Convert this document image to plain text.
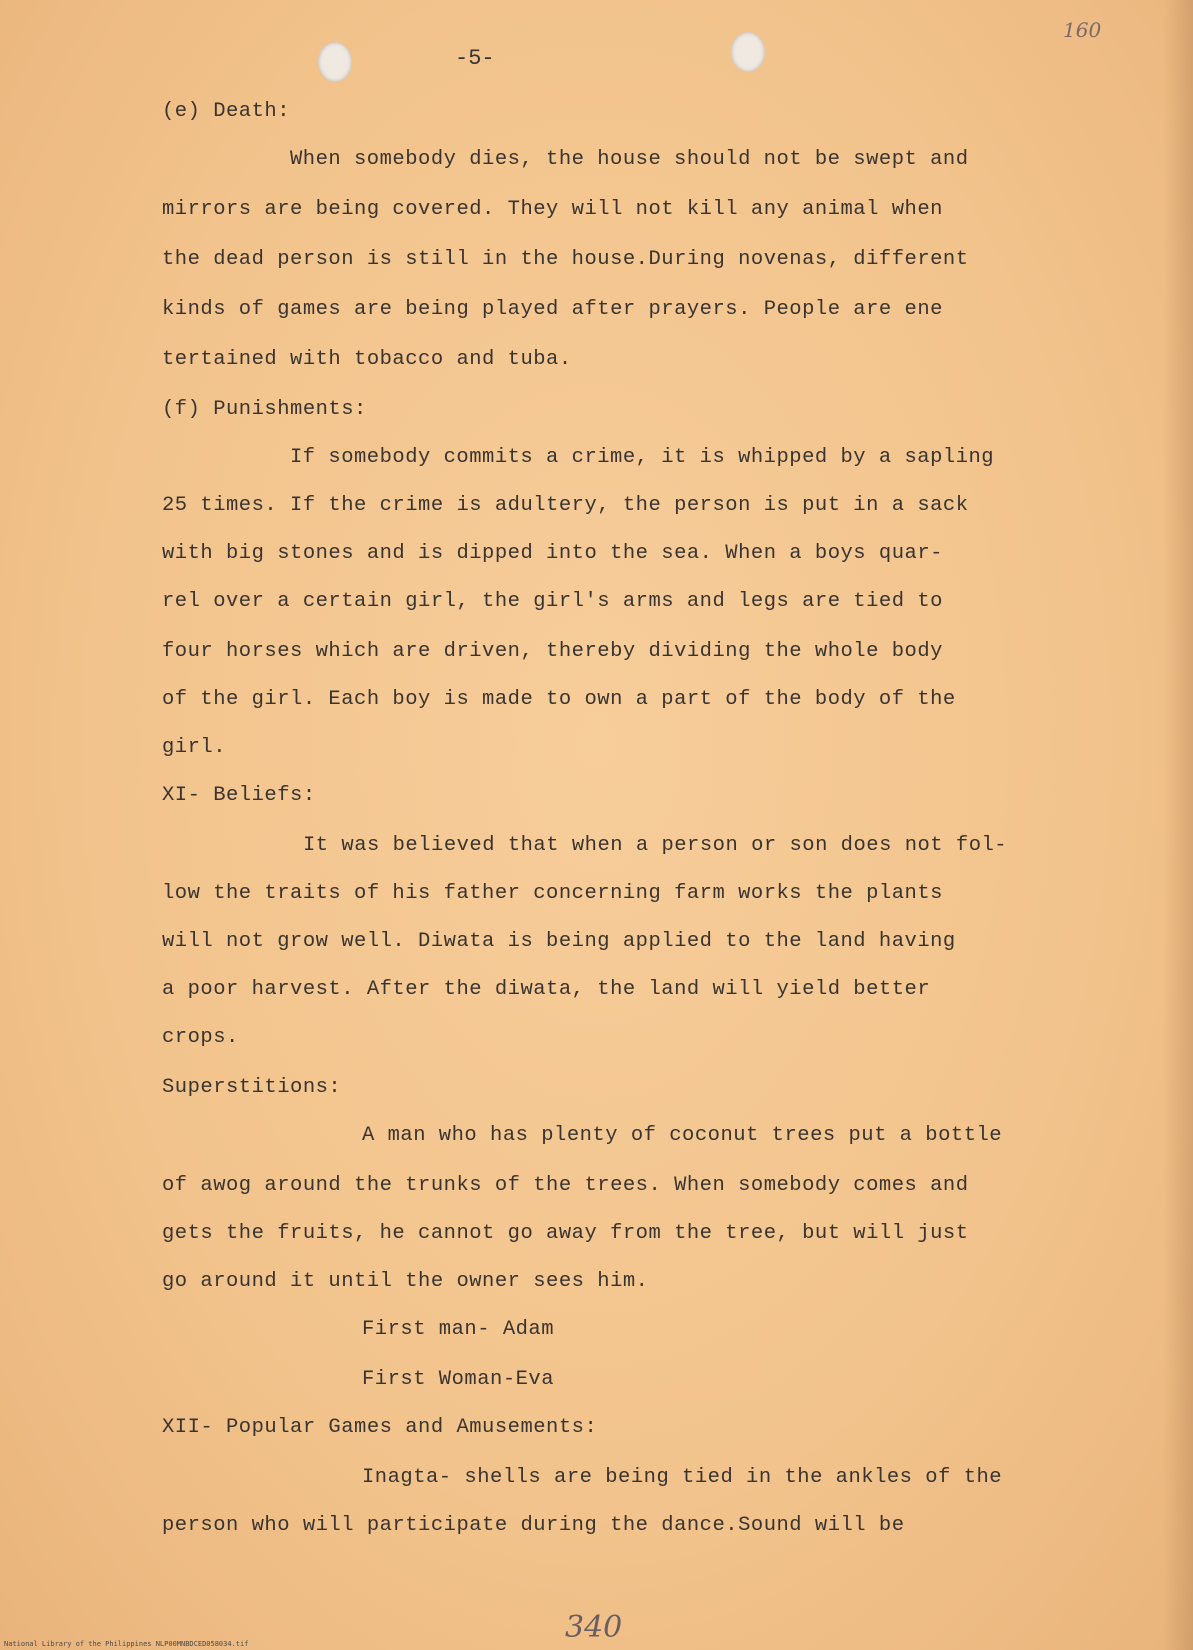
-5-
160
(e) Death:
When somebody dies, the house should not be swept and
mirrors are being covered. They will not kill any animal when
the dead person is still in the house.During novenas, different
kinds of games are being played after prayers. People are ene
tertained with tobacco and tuba.
(f) Punishments:
If somebody commits a crime, it is whipped by a sapling
25 times. If the crime is adultery, the person is put in a sack
with big stones and is dipped into the sea. When a boys quar-
rel over a certain girl, the girl's arms and legs are tied to
four horses which are driven, thereby dividing the whole body
of the girl. Each boy is made to own a part of the body of the
girl.
XI- Beliefs:
It was believed that when a person or son does not fol-
low the traits of his father concerning farm works the plants
will not grow well. Diwata is being applied to the land having
a poor harvest. After the diwata, the land will yield better
crops.
Superstitions:
A man who has plenty of coconut trees put a bottle
of awog around the trunks of the trees. When somebody comes and
gets the fruits, he cannot go away from the tree, but will just
go around it until the owner sees him.
First man- Adam
First Woman-Eva
XII- Popular Games and Amusements:
Inagta- shells are being tied in the ankles of the
person who will participate during the dance.Sound will be
340
National Library of the Philippines NLP00MNBDCED058034.tif
